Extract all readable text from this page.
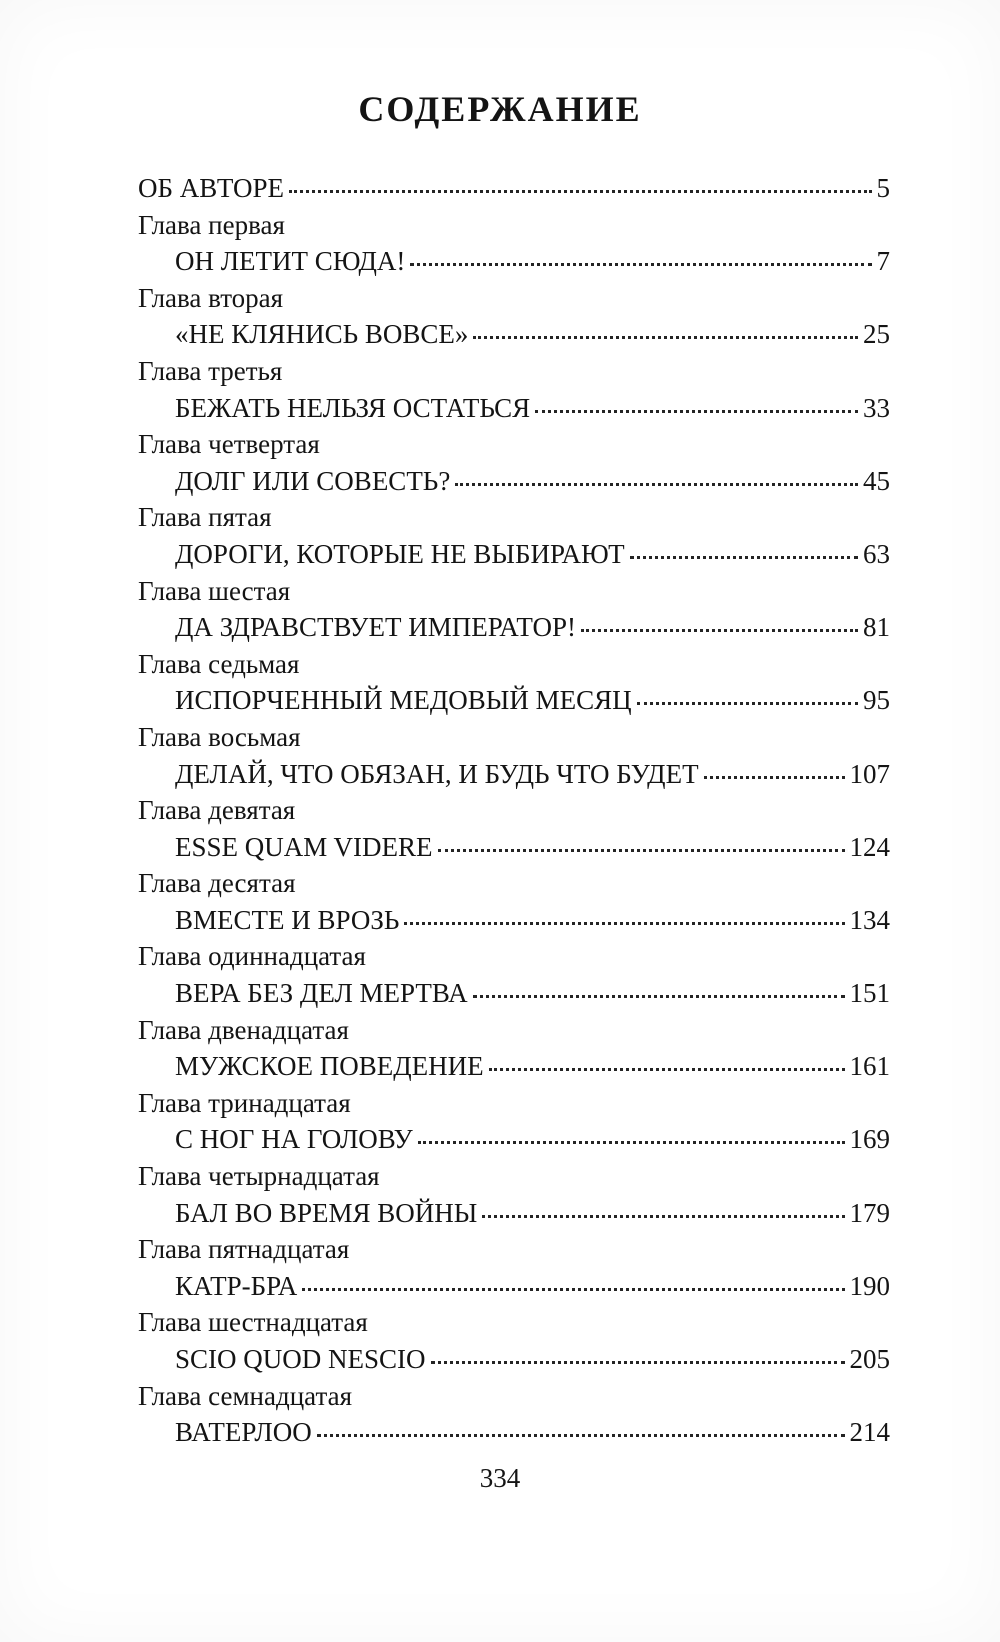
СОДЕРЖАНИЕ
ОБ АВТОРЕ	5
Глава первая
ОН ЛЕТИТ СЮДА!	7
Глава вторая
«НЕ КЛЯНИСЬ ВОВСЕ»	25
Глава третья
БЕЖАТЬ НЕЛЬЗЯ ОСТАТЬСЯ	33
Глава четвертая
ДОЛГ ИЛИ СОВЕСТЬ?	45
Глава пятая
ДОРОГИ, КОТОРЫЕ НЕ ВЫБИРАЮТ	63
Глава шестая
ДА ЗДРАВСТВУЕТ ИМПЕРАТОР!	81
Глава седьмая
ИСПОРЧЕННЫЙ МЕДОВЫЙ МЕСЯЦ	95
Глава восьмая
ДЕЛАЙ, ЧТО ОБЯЗАН, И БУДЬ ЧТО БУДЕТ	107
Глава девятая
ESSE QUAM VIDERE	124
Глава десятая
ВМЕСТЕ И ВРОЗЬ	134
Глава одиннадцатая
ВЕРА БЕЗ ДЕЛ МЕРТВА	151
Глава двенадцатая
МУЖСКОЕ ПОВЕДЕНИЕ	161
Глава тринадцатая
С НОГ НА ГОЛОВУ	169
Глава четырнадцатая
БАЛ ВО ВРЕМЯ ВОЙНЫ	179
Глава пятнадцатая
КАТР-БРА	190
Глава шестнадцатая
SCIO QUOD NESCIO	205
Глава семнадцатая
ВАТЕРЛОО	214
334
